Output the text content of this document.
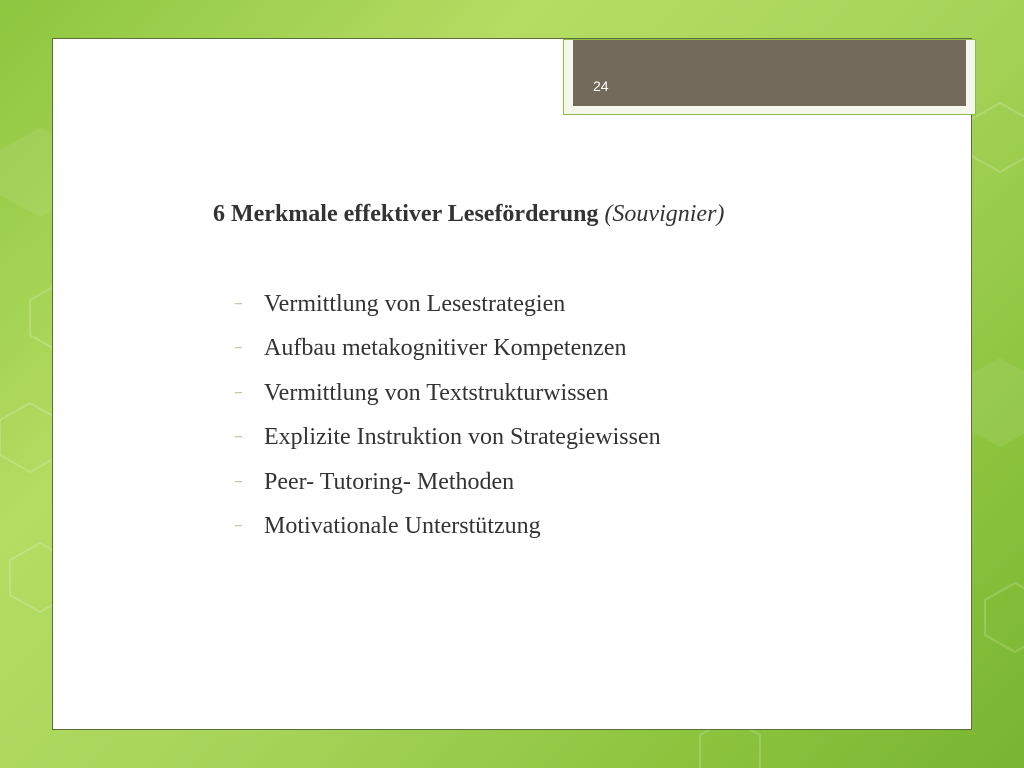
24

6 Merkmale effektiver Leseförderung (Souvignier)

– Vermittlung von Lesestrategien
– Aufbau metakognitiver Kompetenzen
– Vermittlung von Textstrukturwissen
– Explizite Instruktion von Strategiewissen
– Peer- Tutoring- Methoden
– Motivationale Unterstützung
